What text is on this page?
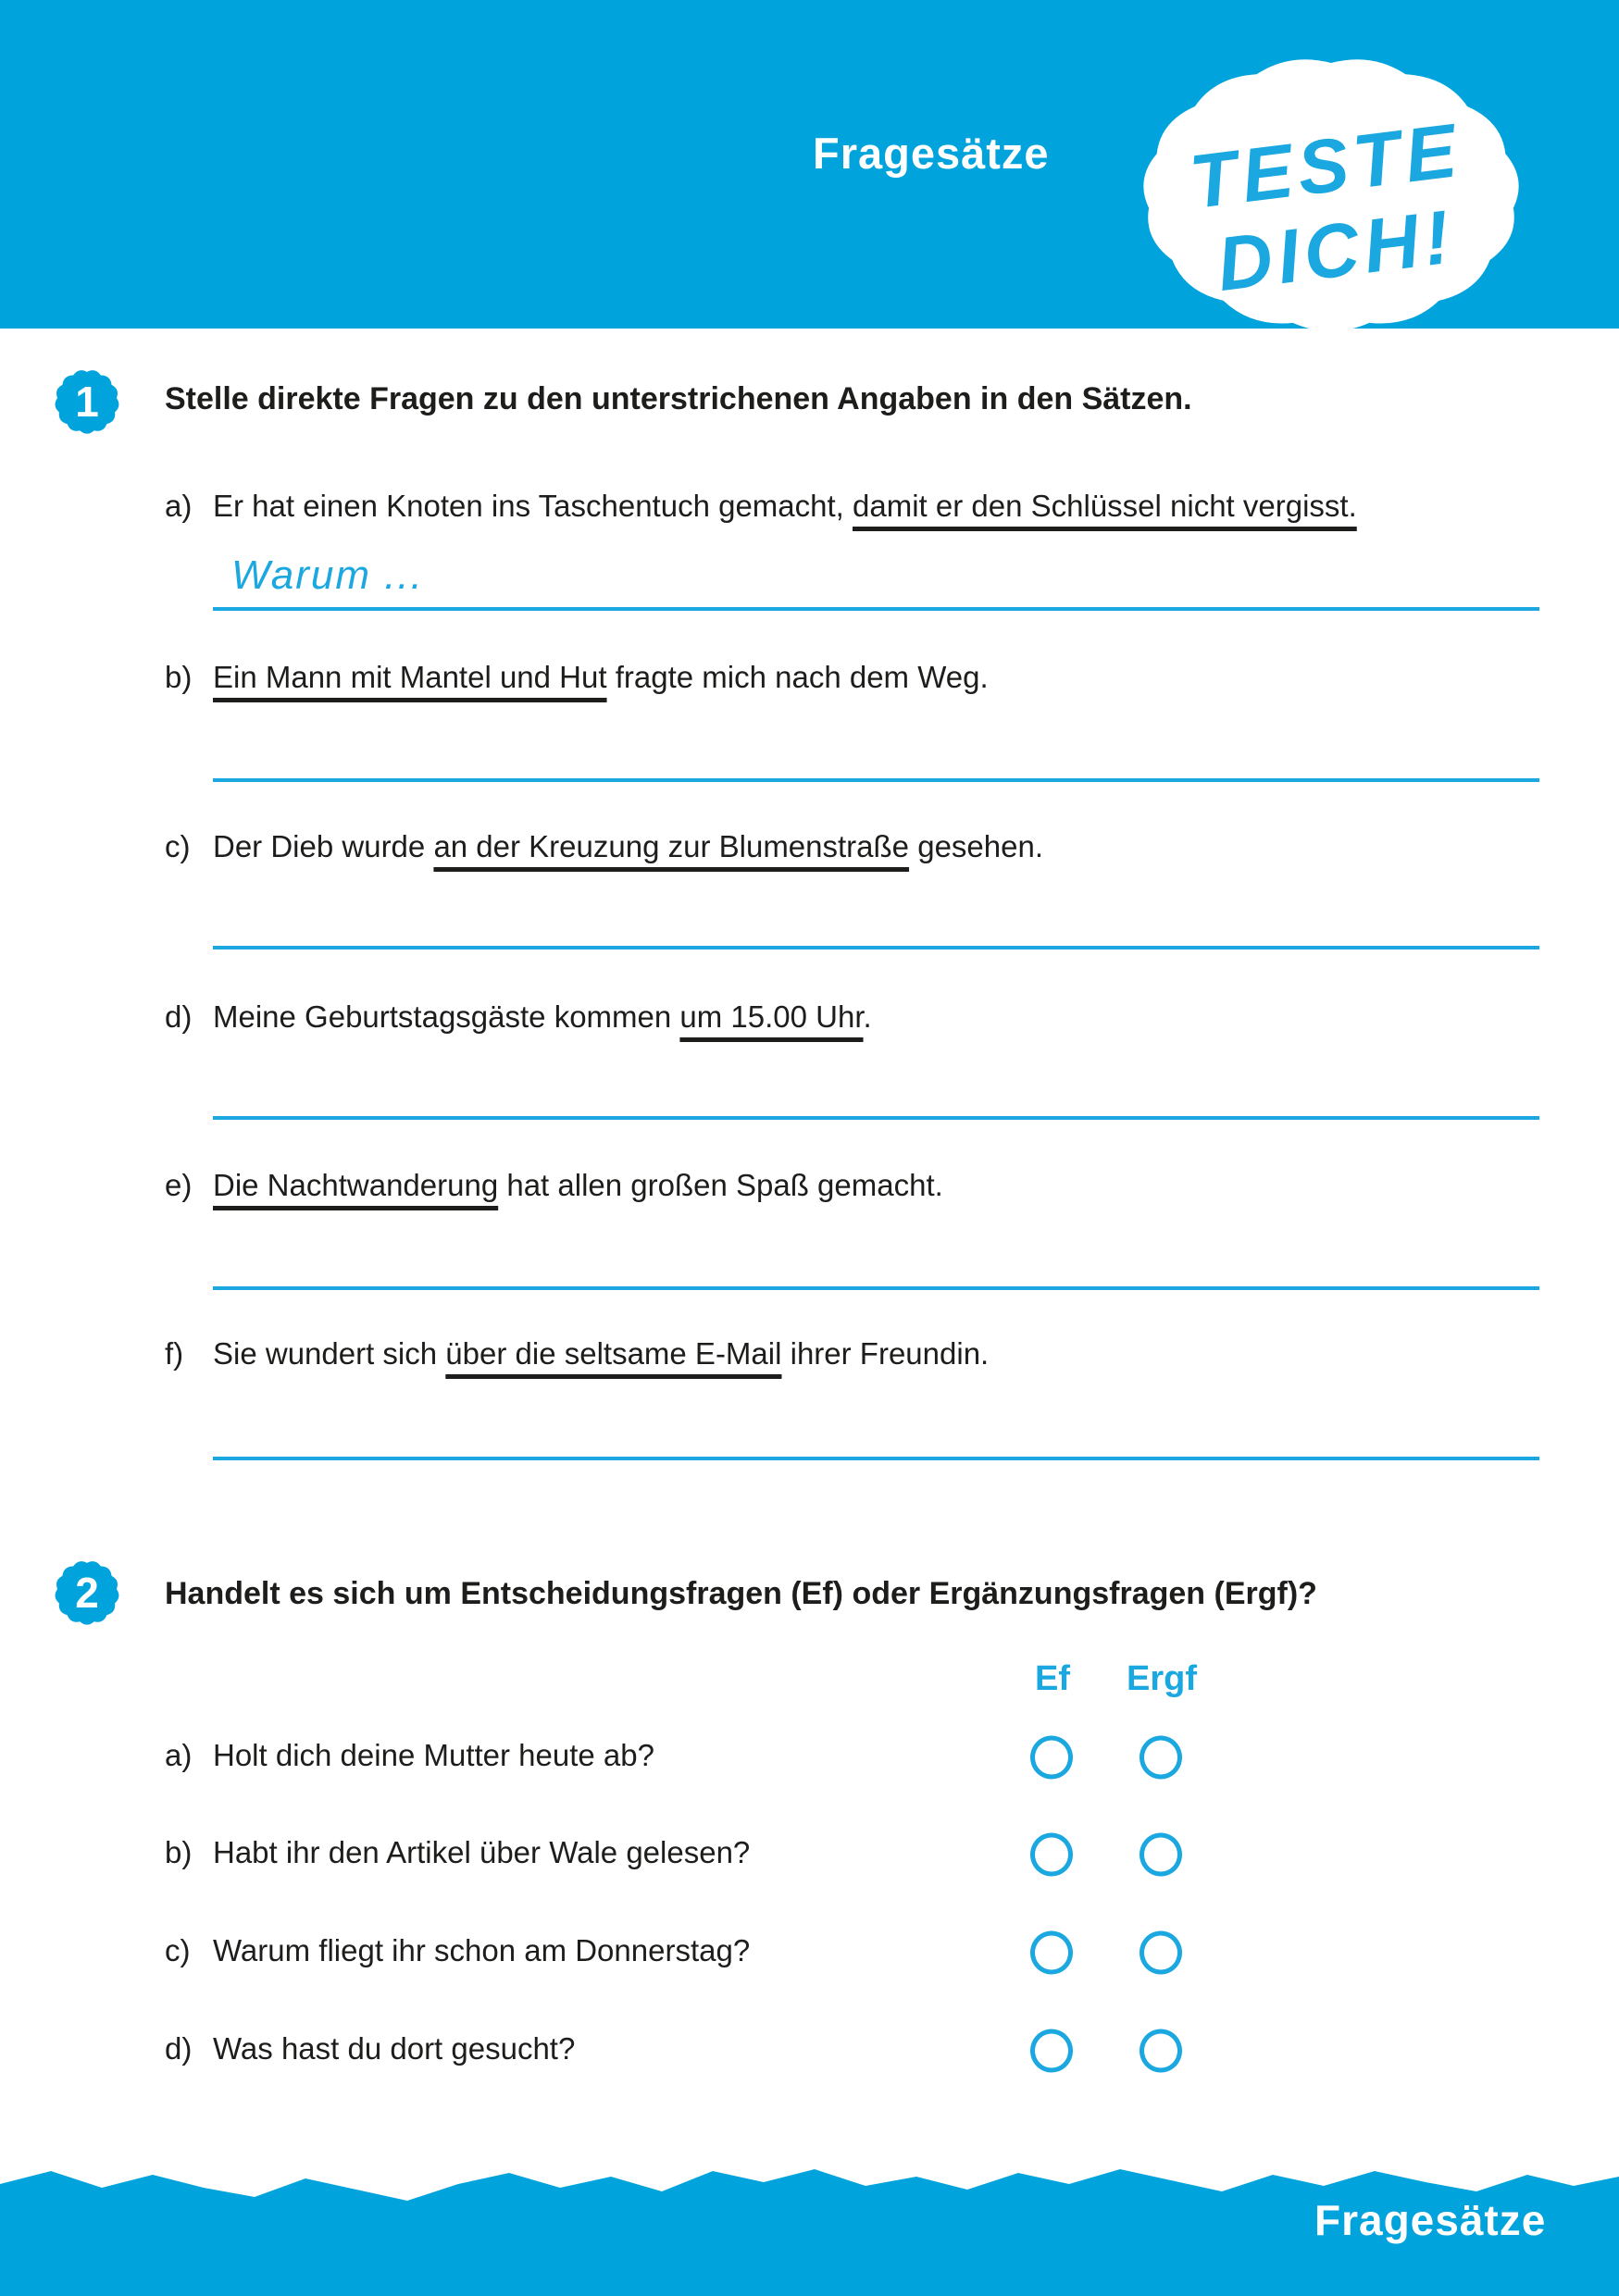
Fragesätze	TESTE
DICH!
1	Stelle direkte Fragen zu den unterstrichenen Angaben in den Sätzen.
a) Er hat einen Knoten ins Taschentuch gemacht, damit er den Schlüssel nicht vergisst.
Warum ...
b) Ein Mann mit Mantel und Hut fragte mich nach dem Weg.
c) Der Dieb wurde an der Kreuzung zur Blumenstraße gesehen.
d) Meine Geburtstagsgäste kommen um 15.00 Uhr.
e) Die Nachtwanderung hat allen großen Spaß gemacht.
f) Sie wundert sich über die seltsame E-Mail ihrer Freundin.
2	Handelt es sich um Entscheidungsfragen (Ef) oder Ergänzungsfragen (Ergf)?
Ef Ergf
a) Holt dich deine Mutter heute ab?
b) Habt ihr den Artikel über Wale gelesen?
c) Warum fliegt ihr schon am Donnerstag?
d) Was hast du dort gesucht?
Fragesätze
